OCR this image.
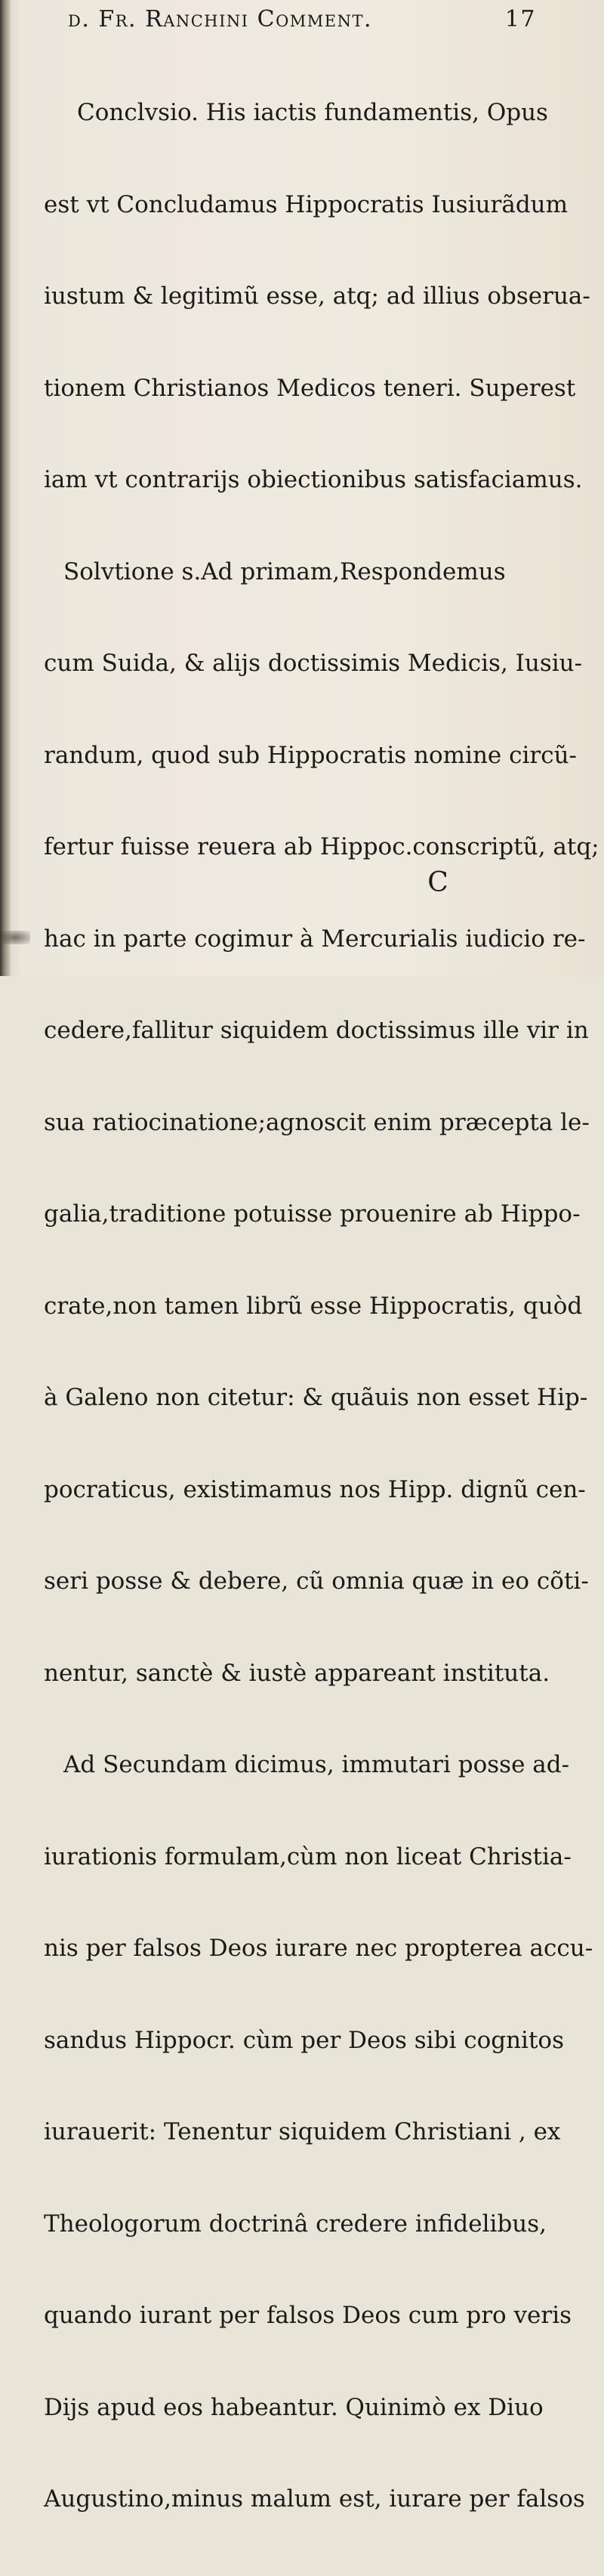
d. Fr. Ranchini Comment.	17

Conclvsio. His iactis fundamentis, Opus

est vt Concludamus Hippocratis Iusiurãdum

iustum & legitimũ esse, atq; ad illius obserua-

tionem Christianos Medicos teneri. Superest

iam vt contrarijs obiectionibus satisfaciamus.

Solvtione s.Ad primam,Respondemus

cum Suida, & alijs doctissimis Medicis, Iusiu-

randum, quod sub Hippocratis nomine circũ-

fertur fuisse reuera ab Hippoc.conscriptũ, atq;

hac in parte cogimur à Mercurialis iudicio re-

cedere,fallitur siquidem doctissimus ille vir in

sua ratiocinatione;agnoscit enim præcepta le-

galia,traditione potuisse prouenire ab Hippo-

crate,non tamen librũ esse Hippocratis, quòd

à Galeno non citetur: & quãuis non esset Hip-

pocraticus, existimamus nos Hipp. dignũ cen-

seri posse & debere, cũ omnia quæ in eo cõti-

nentur, sanctè & iustè appareant instituta.

Ad Secundam dicimus, immutari posse ad-

iurationis formulam,cùm non liceat Christia-

nis per falsos Deos iurare nec propterea accu-

sandus Hippocr. cùm per Deos sibi cognitos

iurauerit: Tenentur siquidem Christiani , ex

Theologorum doctrinâ credere infidelibus,

quando iurant per falsos Deos cum pro veris

Dijs apud eos habeantur. Quinimò ex Diuo

Augustino,minus malum est, iurare per falsos

C
